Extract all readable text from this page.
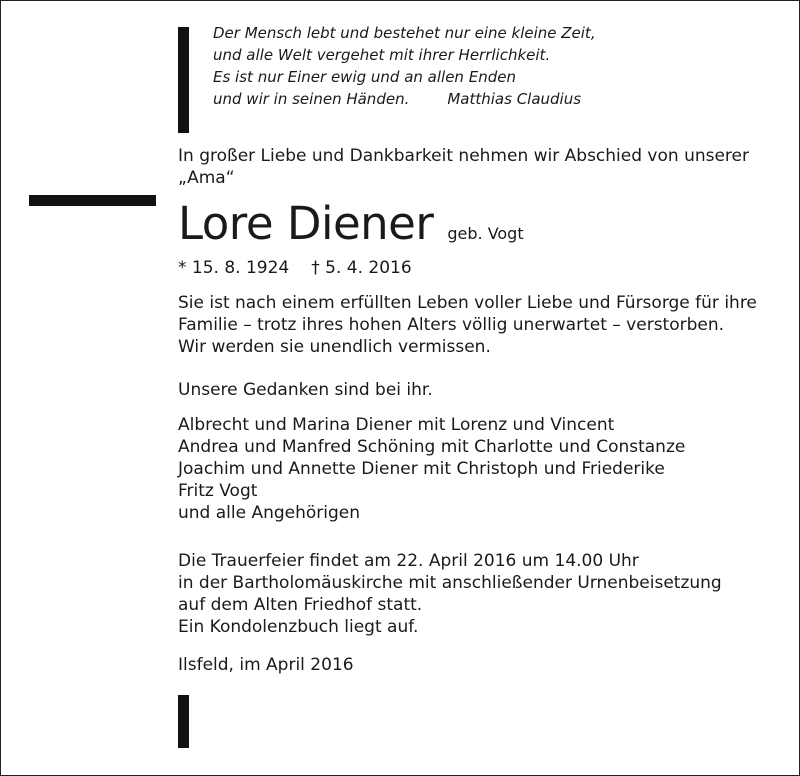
Der Mensch lebt und bestehet nur eine kleine Zeit,
und alle Welt vergehet mit ihrer Herrlichkeit.
Es ist nur Einer ewig und an allen Enden
und wir in seinen Händen.	Matthias Claudius
In großer Liebe und Dankbarkeit nehmen wir Abschied von unserer
„Ama“
Lore Diener geb. Vogt
* 15. 8. 1924 † 5. 4. 2016
Sie ist nach einem erfüllten Leben voller Liebe und Fürsorge für ihre
Familie – trotz ihres hohen Alters völlig unerwartet – verstorben.
Wir werden sie unendlich vermissen.
Unsere Gedanken sind bei ihr.
Albrecht und Marina Diener mit Lorenz und Vincent
Andrea und Manfred Schöning mit Charlotte und Constanze
Joachim und Annette Diener mit Christoph und Friederike
Fritz Vogt
und alle Angehörigen
Die Trauerfeier findet am 22. April 2016 um 14.00 Uhr
in der Bartholomäuskirche mit anschließender Urnenbeisetzung
auf dem Alten Friedhof statt.
Ein Kondolenzbuch liegt auf.
Ilsfeld, im April 2016
